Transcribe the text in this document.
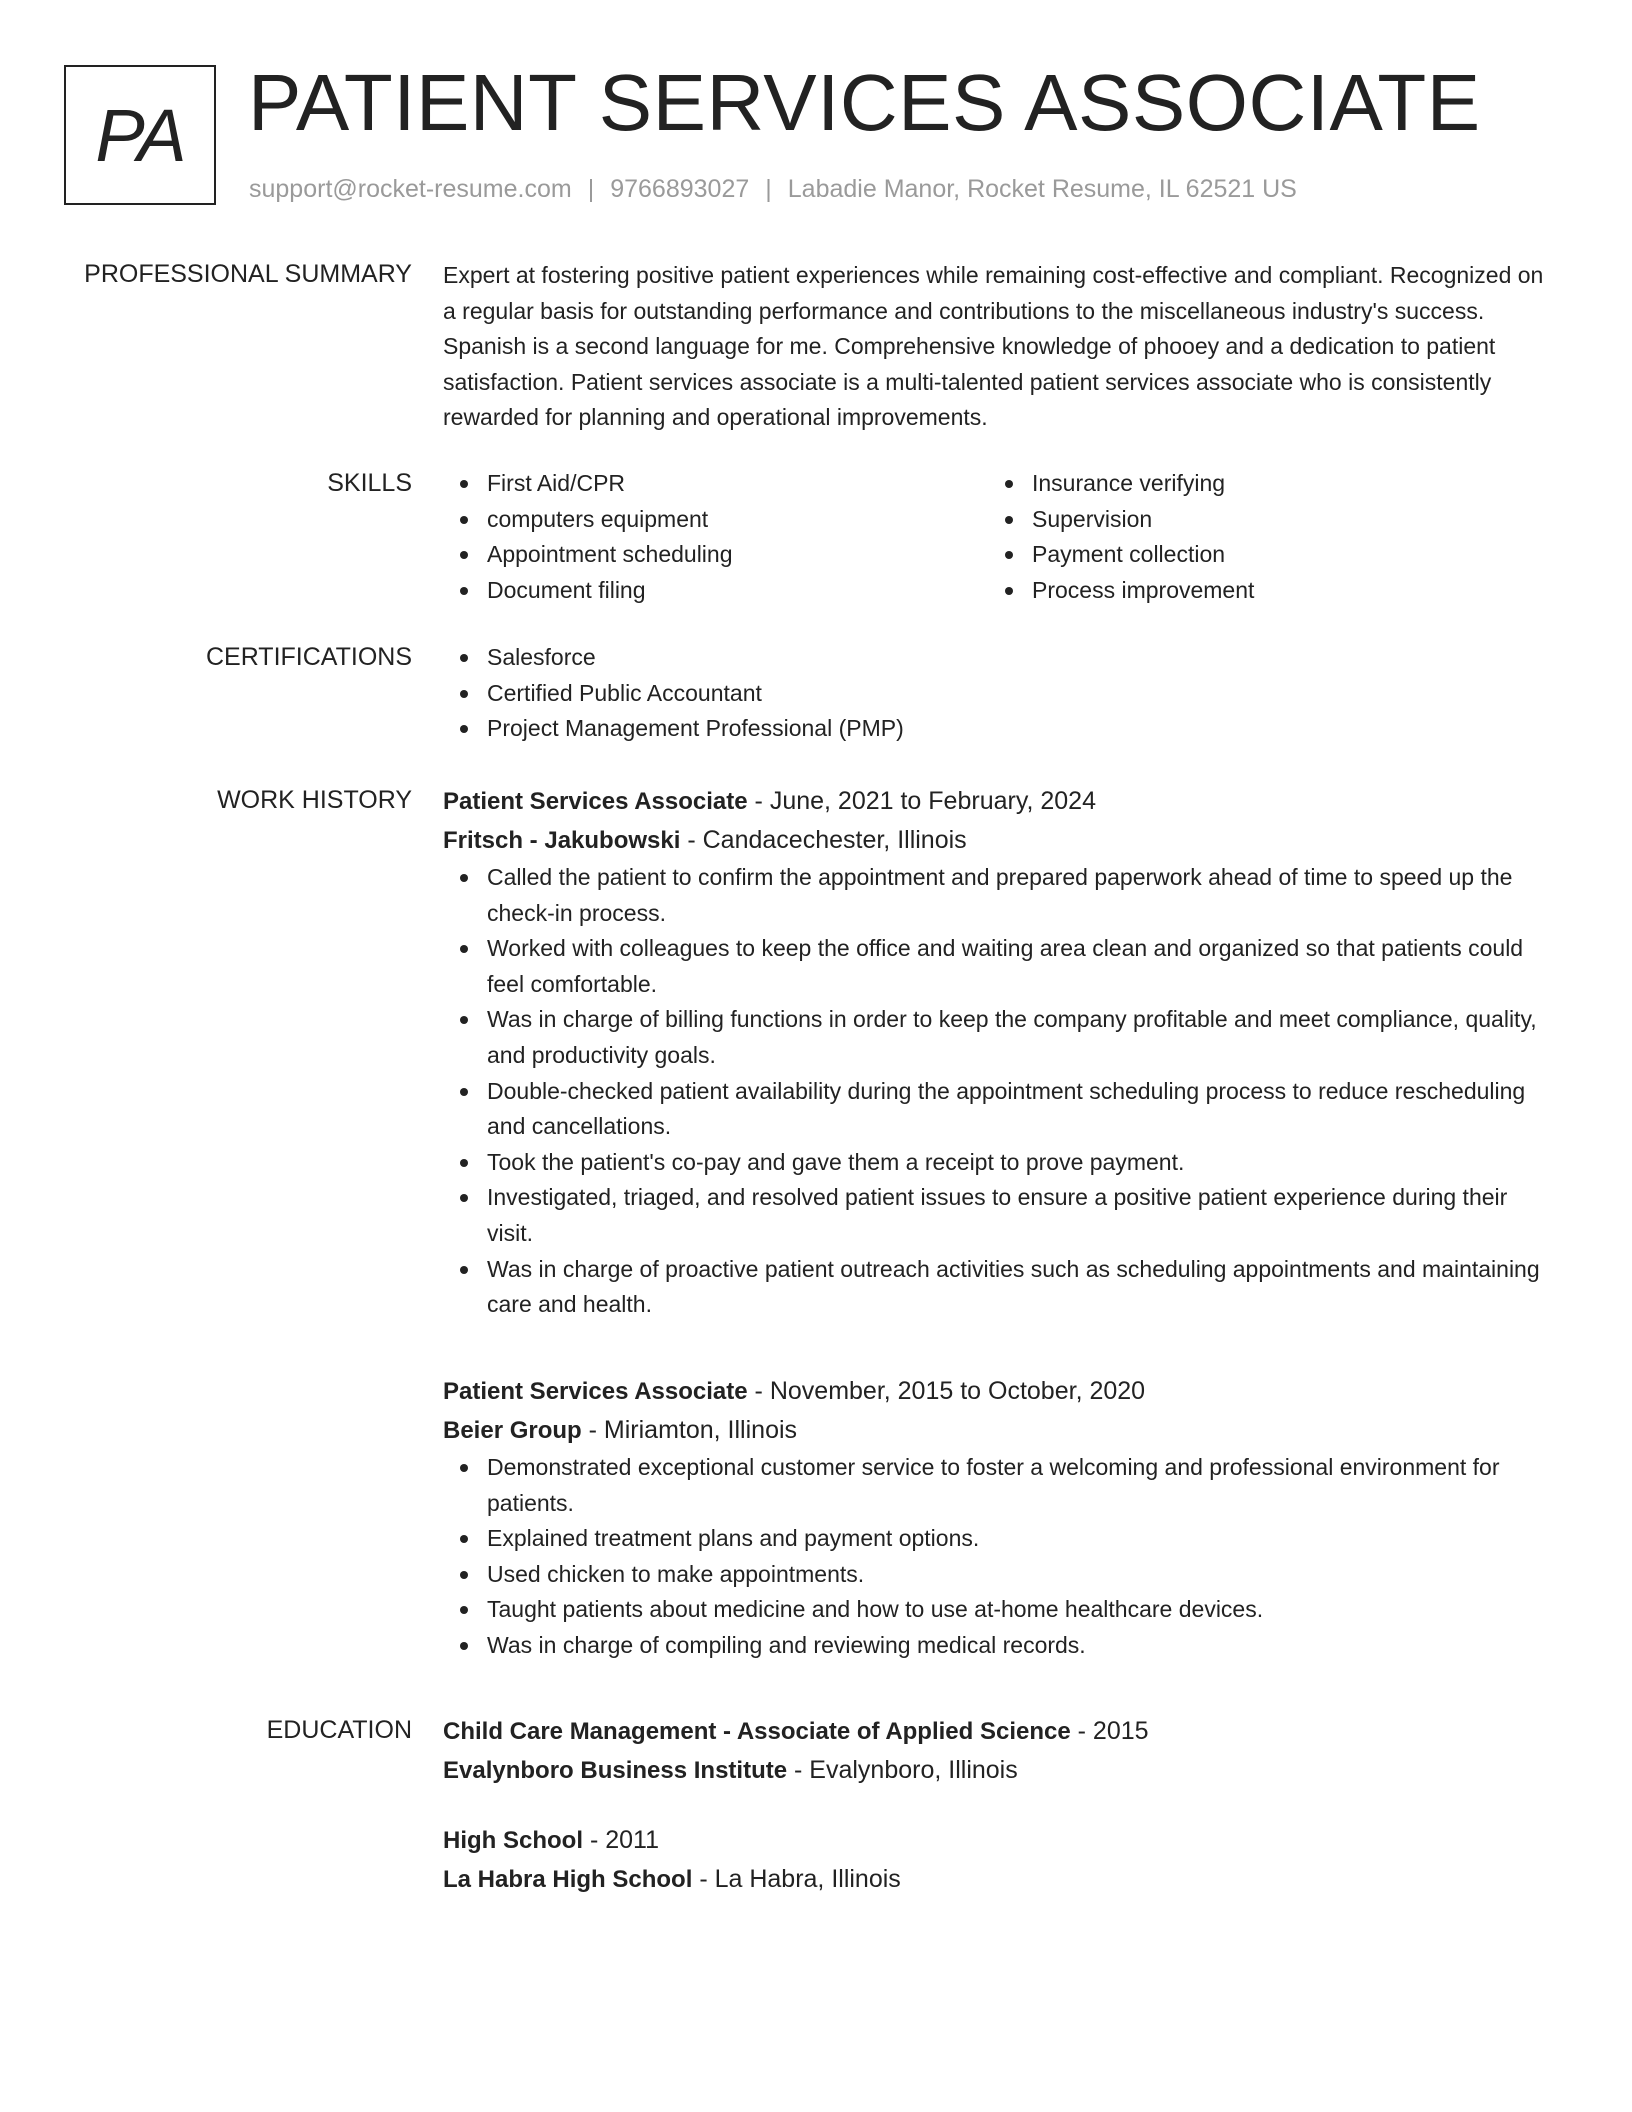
PA PATIENT SERVICES ASSOCIATE
support@rocket-resume.com | 9766893027 | Labadie Manor, Rocket Resume, IL 62521 US
PROFESSIONAL SUMMARY Expert at fostering positive patient experiences while remaining cost-effective and compliant. Recognized on a regular basis for outstanding performance and contributions to the miscellaneous industry's success. Spanish is a second language for me. Comprehensive knowledge of phooey and a dedication to patient satisfaction. Patient services associate is a multi-talented patient services associate who is consistently rewarded for planning and operational improvements.

SKILLS	First Aid/CPR
computers equipment
Appointment scheduling
Document filing
Insurance verifying
Supervision
Payment collection
Process improvement
CERTIFICATIONS	Salesforce
Certified Public Accountant
Project Management Professional (PMP)
WORK HISTORY Patient Services Associate - June, 2021 to February, 2024
Fritsch - Jakubowski - Candacechester, Illinois
Called the patient to confirm the appointment and prepared paperwork ahead of time to speed up the check-in process.
Worked with colleagues to keep the office and waiting area clean and organized so that patients could feel comfortable.
Was in charge of billing functions in order to keep the company profitable and meet compliance, quality, and productivity goals.
Double-checked patient availability during the appointment scheduling process to reduce rescheduling and cancellations.
Took the patient's co-pay and gave them a receipt to prove payment.
Investigated, triaged, and resolved patient issues to ensure a positive patient experience during their visit.
Was in charge of proactive patient outreach activities such as scheduling appointments and maintaining care and health.
Patient Services Associate - November, 2015 to October, 2020
Beier Group - Miriamton, Illinois
Demonstrated exceptional customer service to foster a welcoming and professional environment for patients.
Explained treatment plans and payment options.
Used chicken to make appointments.
Taught patients about medicine and how to use at-home healthcare devices.
Was in charge of compiling and reviewing medical records.
EDUCATION Child Care Management - Associate of Applied Science - 2015
Evalynboro Business Institute - Evalynboro, Illinois
High School - 2011
La Habra High School - La Habra, Illinois
